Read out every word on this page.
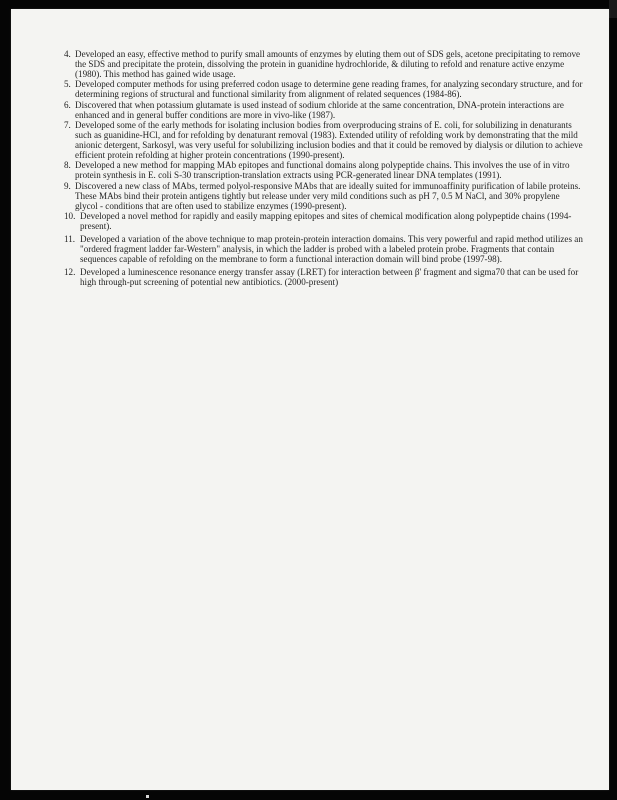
4. Developed an easy, effective method to purify small amounts of enzymes by eluting them out of SDS gels, acetone precipitating to remove the SDS and precipitate the protein, dissolving the protein in guanidine hydrochloride, & diluting to refold and renature active enzyme (1980). This method has gained wide usage.
5. Developed computer methods for using preferred codon usage to determine gene reading frames, for analyzing secondary structure, and for determining regions of structural and functional similarity from alignment of related sequences (1984-86).
6. Discovered that when potassium glutamate is used instead of sodium chloride at the same concentration, DNA-protein interactions are enhanced and in general buffer conditions are more in vivo-like (1987).
7. Developed some of the early methods for isolating inclusion bodies from overproducing strains of E. coli, for solubilizing in denaturants such as guanidine-HCl, and for refolding by denaturant removal (1983). Extended utility of refolding work by demonstrating that the mild anionic detergent, Sarkosyl, was very useful for solubilizing inclusion bodies and that it could be removed by dialysis or dilution to achieve efficient protein refolding at higher protein concentrations (1990-present).
8. Developed a new method for mapping MAb epitopes and functional domains along polypeptide chains. This involves the use of in vitro protein synthesis in E. coli S-30 transcription-translation extracts using PCR-generated linear DNA templates (1991).
9. Discovered a new class of MAbs, termed polyol-responsive MAbs that are ideally suited for immunoaffinity purification of labile proteins. These MAbs bind their protein antigens tightly but release under very mild conditions such as pH 7, 0.5 M NaCl, and 30% propylene glycol - conditions that are often used to stabilize enzymes (1990-present).
10. Developed a novel method for rapidly and easily mapping epitopes and sites of chemical modification along polypeptide chains (1994-present).
11. Developed a variation of the above technique to map protein-protein interaction domains. This very powerful and rapid method utilizes an "ordered fragment ladder far-Western" analysis, in which the ladder is probed with a labeled protein probe. Fragments that contain sequences capable of refolding on the membrane to form a functional interaction domain will bind probe (1997-98).
12. Developed a luminescence resonance energy transfer assay (LRET) for interaction between β' fragment and sigma70 that can be used for high through-put screening of potential new antibiotics. (2000-present)
